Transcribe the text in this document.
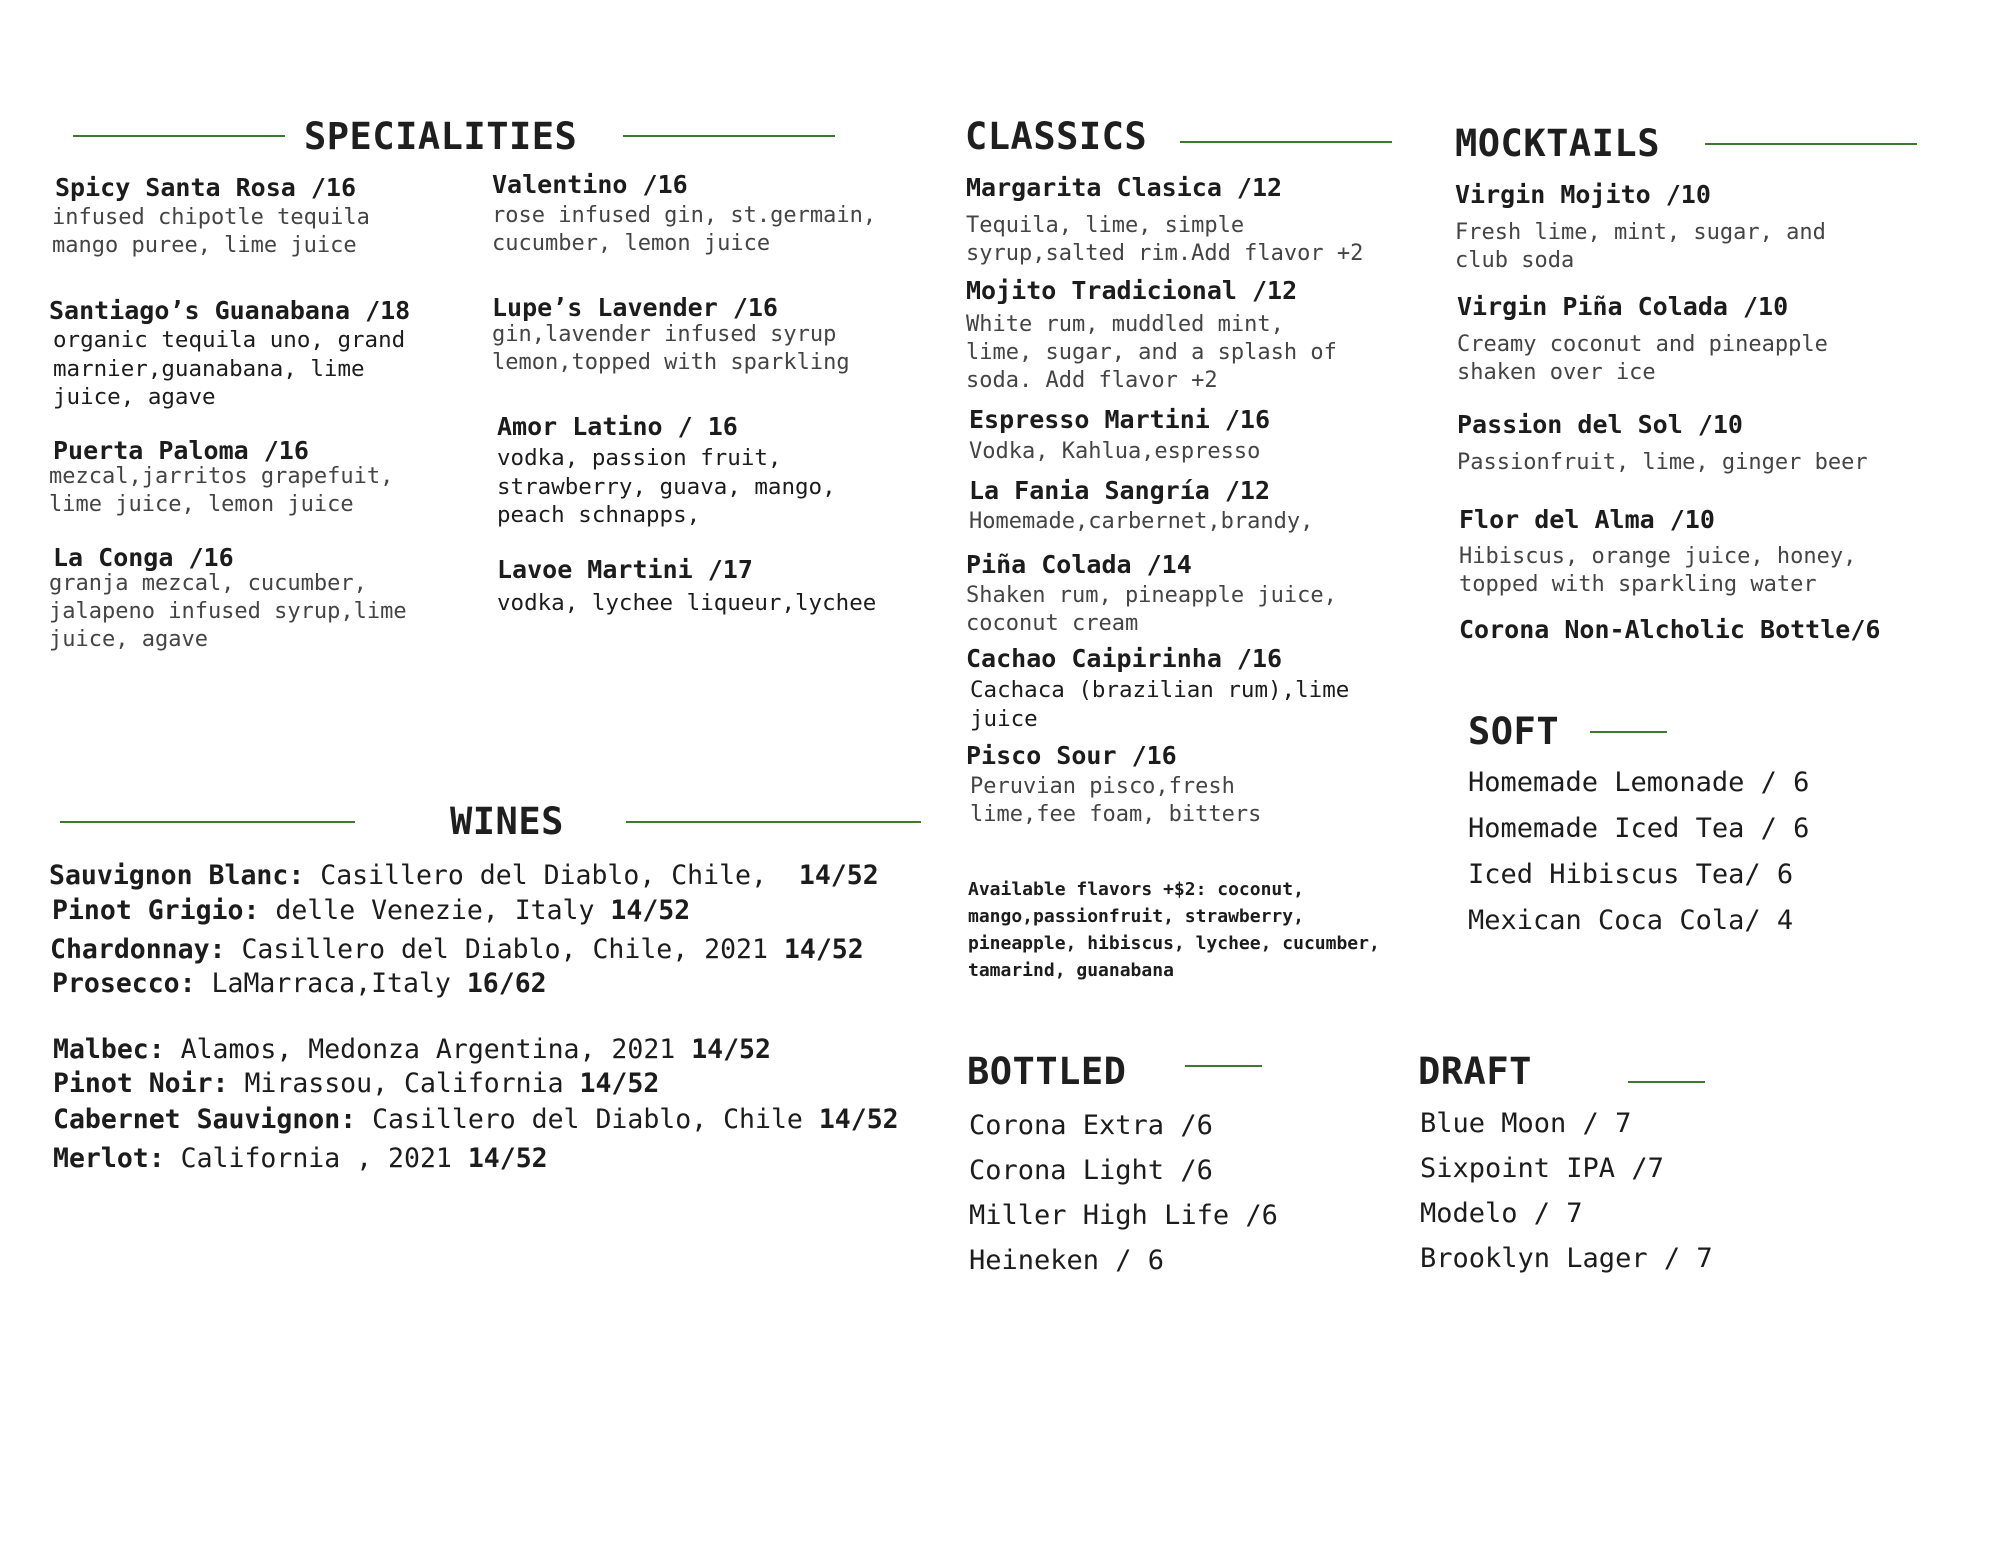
SPECIALITIES
Spicy Santa Rosa /16
infused chipotle tequila
mango puree, lime juice
Santiago’s Guanabana /18
organic tequila uno, grand
marnier,guanabana, lime
juice, agave
Puerta Paloma /16
mezcal,jarritos grapefuit,
lime juice, lemon juice
La Conga /16
granja mezcal, cucumber,
jalapeno infused syrup,lime
juice, agave
Valentino /16
rose infused gin, st.germain,
cucumber, lemon juice
Lupe’s Lavender /16
gin,lavender infused syrup
lemon,topped with sparkling
Amor Latino / 16
vodka, passion fruit,
strawberry, guava, mango,
peach schnapps,
Lavoe Martini /17
vodka, lychee liqueur,lychee
WINES
Sauvignon Blanc: Casillero del Diablo, Chile,  14/52
Pinot Grigio: delle Venezie, Italy 14/52
Chardonnay: Casillero del Diablo, Chile, 2021 14/52
Prosecco: LaMarraca,Italy 16/62
Malbec: Alamos, Medonza Argentina, 2021 14/52
Pinot Noir: Mirassou, California 14/52
Cabernet Sauvignon: Casillero del Diablo, Chile 14/52
Merlot: California , 2021 14/52
CLASSICS
Margarita Clasica /12
Tequila, lime, simple
syrup,salted rim.Add flavor +2
Mojito Tradicional /12
White rum, muddled mint,
lime, sugar, and a splash of
soda. Add flavor +2
Espresso Martini /16
Vodka, Kahlua,espresso
La Fania Sangría /12
Homemade,carbernet,brandy,
Piña Colada /14
Shaken rum, pineapple juice,
coconut cream
Cachao Caipirinha /16
Cachaca (brazilian rum),lime
juice
Pisco Sour /16
Peruvian pisco,fresh
lime,fee foam, bitters
Available flavors +$2: coconut,
mango,passionfruit, strawberry,
pineapple, hibiscus, lychee, cucumber,
tamarind, guanabana
MOCKTAILS
Virgin Mojito /10
Fresh lime, mint, sugar, and
club soda
Virgin Piña Colada /10
Creamy coconut and pineapple
shaken over ice
Passion del Sol /10
Passionfruit, lime, ginger beer
Flor del Alma /10
Hibiscus, orange juice, honey,
topped with sparkling water
Corona Non-Alcholic Bottle/6
SOFT
Homemade Lemonade / 6
Homemade Iced Tea / 6
Iced Hibiscus Tea/ 6
Mexican Coca Cola/ 4
BOTTLED
Corona Extra /6
Corona Light /6
Miller High Life /6
Heineken / 6
DRAFT
Blue Moon / 7
Sixpoint IPA /7
Modelo / 7
Brooklyn Lager / 7
